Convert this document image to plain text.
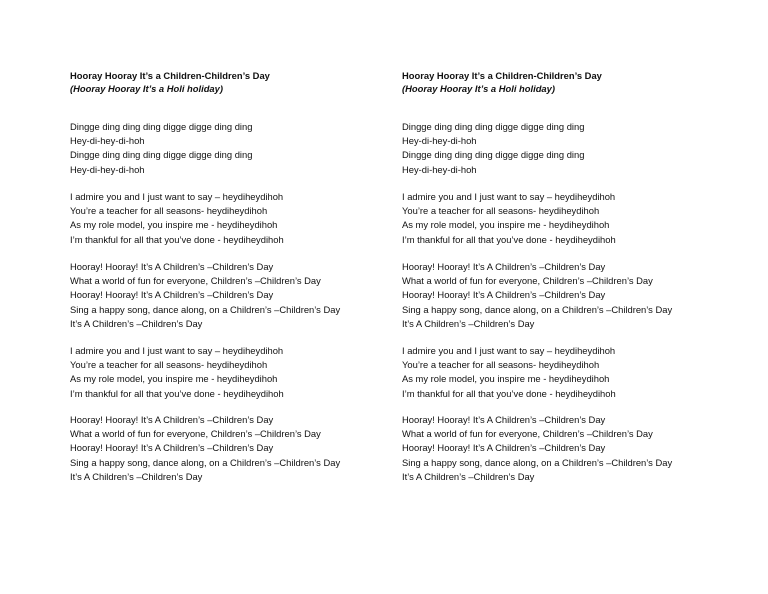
Hooray Hooray It’s a Children-Children’s Day
(Hooray Hooray It’s a Holi holiday)
Dingge ding ding ding digge digge ding ding
Hey-di-hey-di-hoh
Dingge ding ding ding digge digge ding ding
Hey-di-hey-di-hoh
I admire you and I just want to say – heydiheydihoh
You’re a teacher for all seasons- heydiheydihoh
As my role model, you inspire me - heydiheydihoh
I’m thankful for all that you’ve done - heydiheydihoh
Hooray! Hooray! It’s A Children’s –Children’s Day
What a world of fun for everyone, Children’s –Children’s Day
Hooray! Hooray! It’s A Children’s –Children’s Day
Sing a happy song, dance along, on a Children’s –Children’s Day
It’s A Children’s –Children’s Day
I admire you and I just want to say – heydiheydihoh
You’re a teacher for all seasons- heydiheydihoh
As my role model, you inspire me - heydiheydihoh
I’m thankful for all that you’ve done - heydiheydihoh
Hooray! Hooray! It’s A Children’s –Children’s Day
What a world of fun for everyone, Children’s –Children’s Day
Hooray! Hooray! It’s A Children’s –Children’s Day
Sing a happy song, dance along, on a Children’s –Children’s Day
It’s A Children’s –Children’s Day
Hooray Hooray It’s a Children-Children’s Day
(Hooray Hooray It’s a Holi holiday)
Dingge ding ding ding digge digge ding ding
Hey-di-hey-di-hoh
Dingge ding ding ding digge digge ding ding
Hey-di-hey-di-hoh
I admire you and I just want to say – heydiheydihoh
You’re a teacher for all seasons- heydiheydihoh
As my role model, you inspire me - heydiheydihoh
I’m thankful for all that you’ve done - heydiheydihoh
Hooray! Hooray! It’s A Children’s –Children’s Day
What a world of fun for everyone, Children’s –Children’s Day
Hooray! Hooray! It’s A Children’s –Children’s Day
Sing a happy song, dance along, on a Children’s –Children’s Day
It’s A Children’s –Children’s Day
I admire you and I just want to say – heydiheydihoh
You’re a teacher for all seasons- heydiheydihoh
As my role model, you inspire me - heydiheydihoh
I’m thankful for all that you’ve done - heydiheydihoh
Hooray! Hooray! It’s A Children’s –Children’s Day
What a world of fun for everyone, Children’s –Children’s Day
Hooray! Hooray! It’s A Children’s –Children’s Day
Sing a happy song, dance along, on a Children’s –Children’s Day
It’s A Children’s –Children’s Day
